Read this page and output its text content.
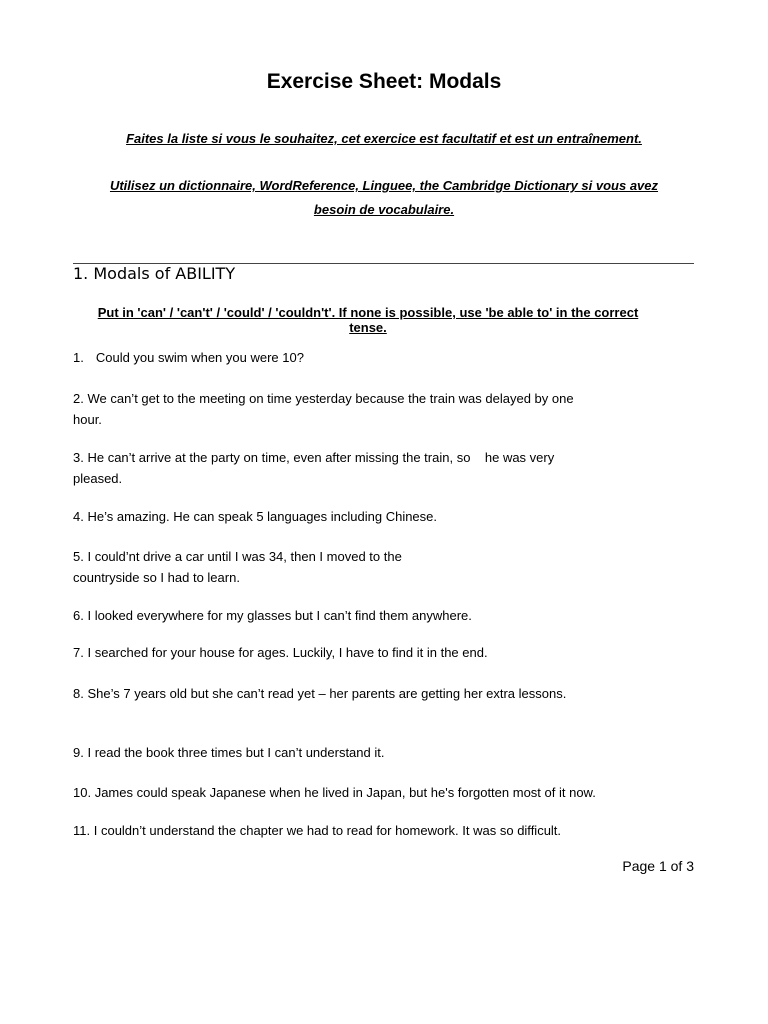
Exercise Sheet: Modals

Faites la liste si vous le souhaitez, cet exercice est facultatif et est un entraînement.

Utilisez un dictionnaire, WordReference, Linguee, the Cambridge Dictionary si vous avez besoin de vocabulaire.

1. Modals of ABILITY

Put in 'can' / 'can't' / 'could' / 'couldn't'. If none is possible, use 'be able to' in the correct tense.

1. Could you swim when you were 10?

2. We can’t get to the meeting on time yesterday because the train was delayed by one hour.

3. He can’t arrive at the party on time, even after missing the train, so    he was very pleased.

4. He’s amazing. He can speak 5 languages including Chinese.

5. I could’nt drive a car until I was 34, then I moved to the countryside so I had to learn.

6. I looked everywhere for my glasses but I can’t find them anywhere.

7. I searched for your house for ages. Luckily, I have to find it in the end.

8. She’s 7 years old but she can’t read yet – her parents are getting her extra lessons.

9. I read the book three times but I can’t understand it.

10. James could speak Japanese when he lived in Japan, but he's forgotten most of it now.

11. I couldn’t understand the chapter we had to read for homework. It was so difficult.

Page 1 of 3
